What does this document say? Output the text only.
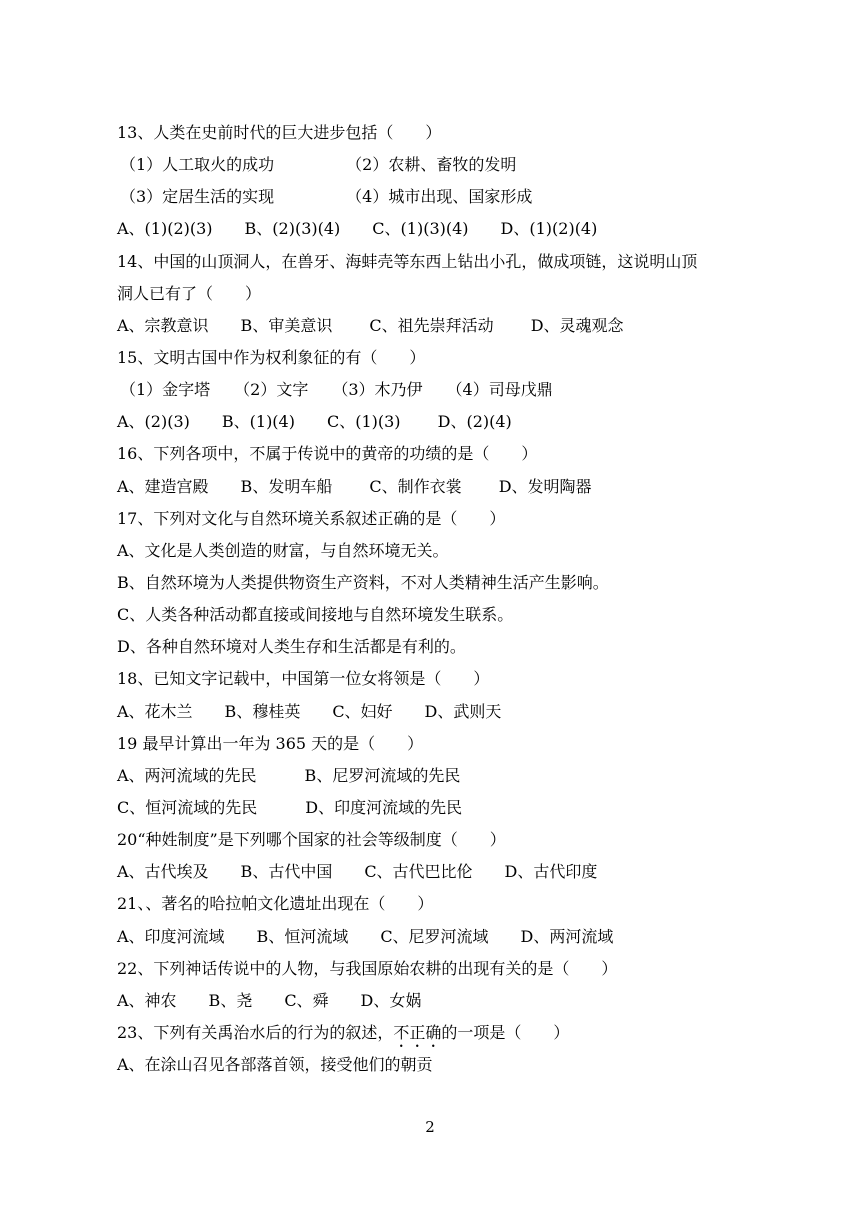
13、人类在史前时代的巨大进步包括（　　）
（1）人工取火的成功　　　　　（2）农耕、畜牧的发明
（3）定居生活的实现　　　　　（4）城市出现、国家形成
A、(1)(2)(3)　　B、(2)(3)(4)　　C、(1)(3)(4)　　D、(1)(2)(4)
14、中国的山顶洞人，在兽牙、海蚌壳等东西上钻出小孔，做成项链，这说明山顶
洞人已有了（　　）
A、宗教意识　　B、审美意识　　 C、祖先崇拜活动　　 D、灵魂观念
15、文明古国中作为权利象征的有（　　）
（1）金字塔　　（2）文字　　（3）木乃伊　　（4）司母戊鼎
A、(2)(3)　　B、(1)(4)　　C、(1)(3)　　 D、(2)(4)
16、下列各项中，不属于传说中的黄帝的功绩的是（　　）
A、建造宫殿　　B、发明车船　　 C、制作衣裳　　 D、发明陶器
17、下列对文化与自然环境关系叙述正确的是（　　）
A、文化是人类创造的财富，与自然环境无关。
B、自然环境为人类提供物资生产资料，不对人类精神生活产生影响。
C、人类各种活动都直接或间接地与自然环境发生联系。
D、各种自然环境对人类生存和生活都是有利的。
18、已知文字记载中，中国第一位女将领是（　　）
A、花木兰　　B、穆桂英　　C、妇好　　D、武则天
19 最早计算出一年为 365 天的是（　　）
A、两河流域的先民　　　B、尼罗河流域的先民
C、恒河流域的先民　　　D、印度河流域的先民
20“种姓制度”是下列哪个国家的社会等级制度（　　）
A、古代埃及　　B、古代中国　　C、古代巴比伦　　D、古代印度
21、、著名的哈拉帕文化遗址出现在（　　）
A、印度河流域　　B、恒河流域　　C、尼罗河流域　　D、两河流域
22、下列神话传说中的人物，与我国原始农耕的出现有关的是（　　）
A、神农　　B、尧　　C、舜　　D、女娲
23、下列有关禹治水后的行为的叙述，不正确的一项是（　　）
A、在涂山召见各部落首领，接受他们的朝贡
2
